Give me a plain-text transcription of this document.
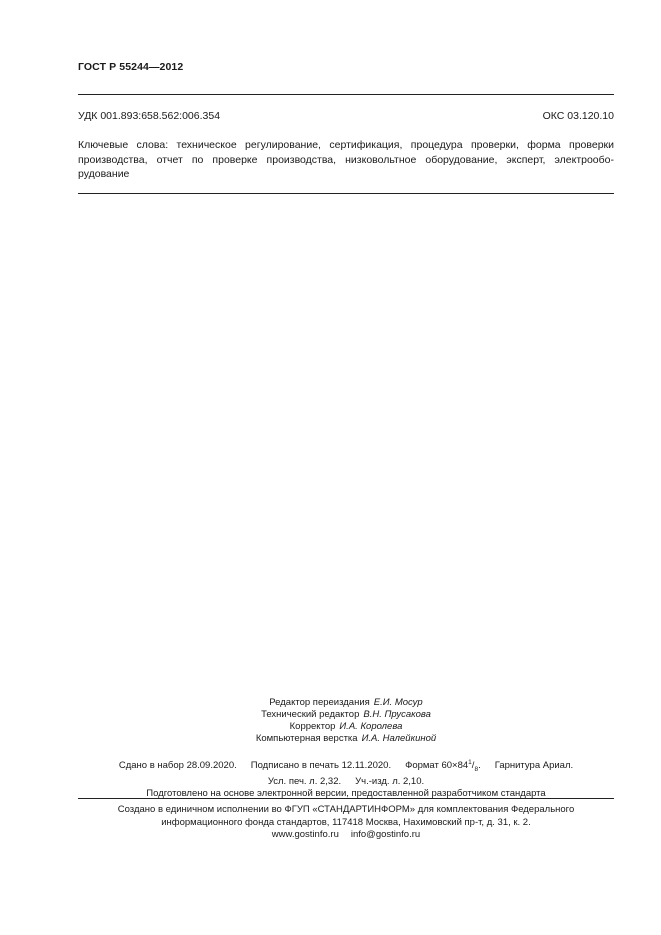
ГОСТ Р 55244—2012
УДК 001.893:658.562:006.354	ОКС 03.120.10
Ключевые слова: техническое регулирование, сертификация, процедура проверки, форма проверки производства, отчет по проверке производства, низковольтное оборудование, эксперт, электрообо-рудование
Редактор переиздания Е.И. Мосур
Технический редактор В.Н. Прусакова
Корректор И.А. Королева
Компьютерная верстка И.А. Налейкиной
Сдано в набор 28.09.2020. Подписано в печать 12.11.2020. Формат $60\times 84^1/_8$. Гарнитура Ариал.
Усл. печ. л. 2,32. Уч.-изд. л. 2,10.
Подготовлено на основе электронной версии, предоставленной разработчиком стандарта
Создано в единичном исполнении во ФГУП «СТАНДАРТИНФОРМ» для комплектования Федерального
информационного фонда стандартов, 117418 Москва, Нахимовский пр-т, д. 31, к. 2.
www.gostinfo.ru info@gostinfo.ru
